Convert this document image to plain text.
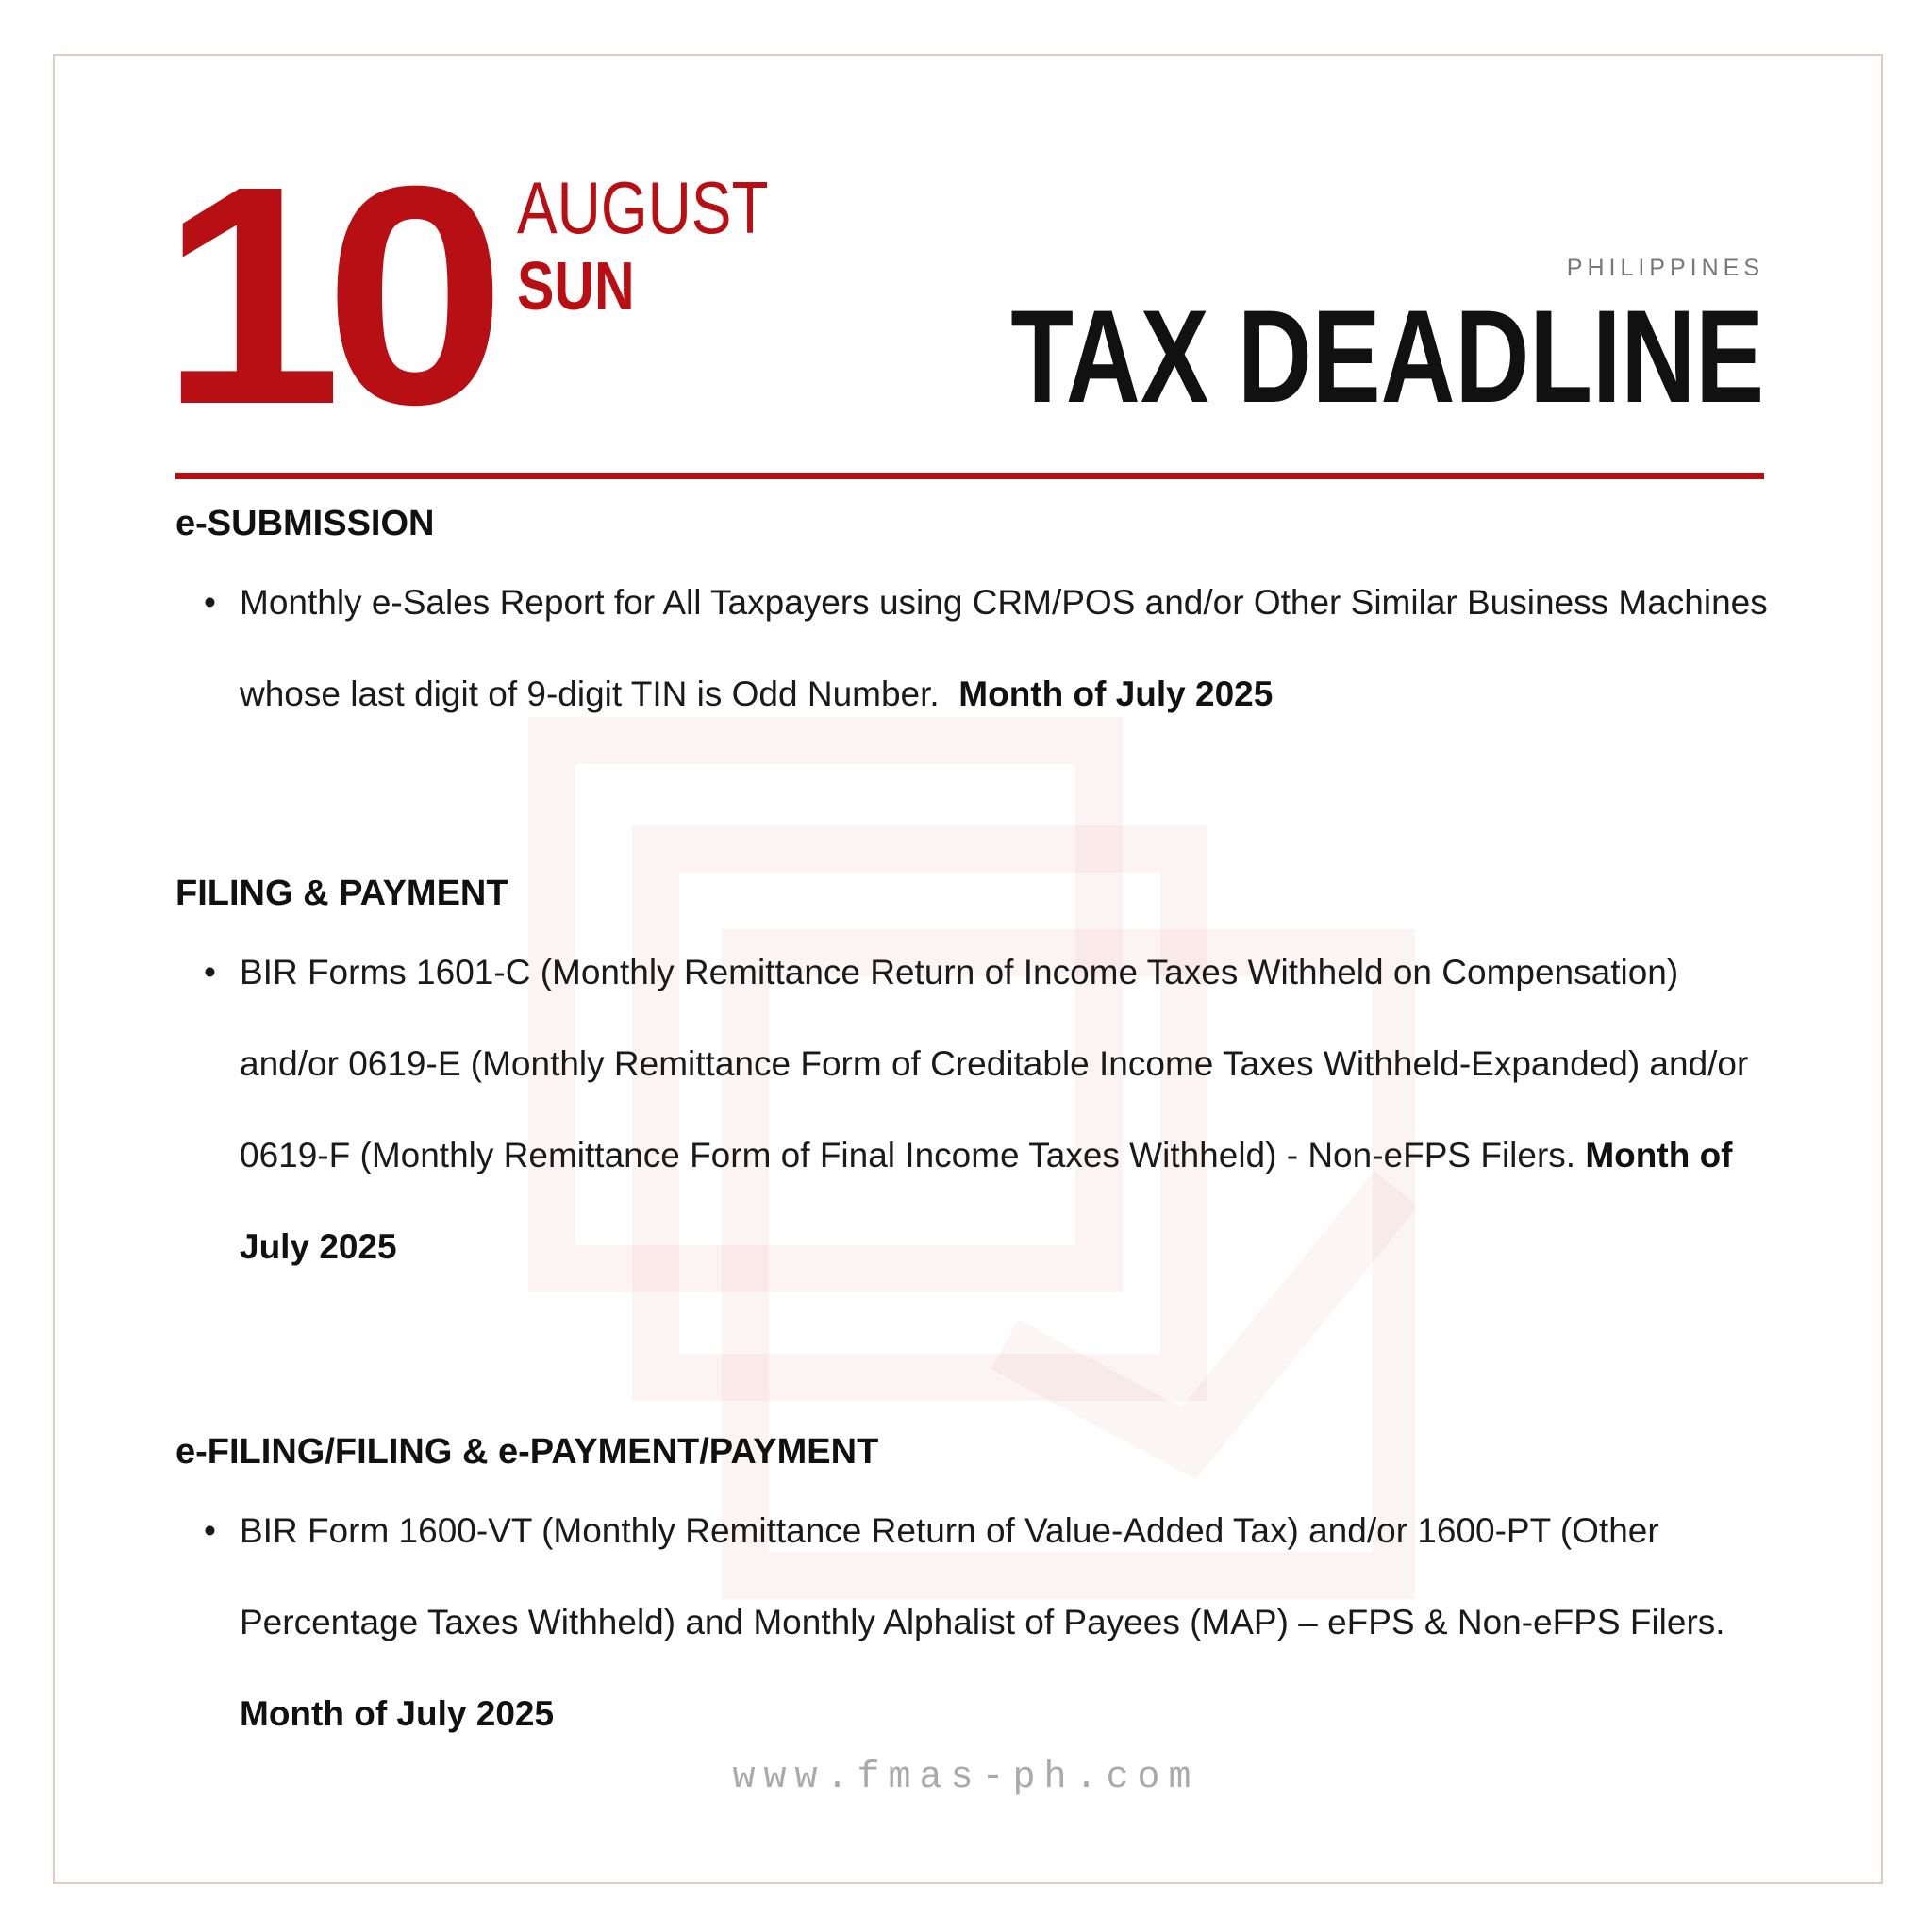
10 AUGUST
SUN	PHILIPPINES
TAX DEADLINE

e-SUBMISSION

• Monthly e-Sales Report for All Taxpayers using CRM/POS and/or Other Similar Business Machines whose last digit of 9-digit TIN is Odd Number. Month of July 2025

FILING & PAYMENT

• BIR Forms 1601-C (Monthly Remittance Return of Income Taxes Withheld on Compensation) and/or 0619-E (Monthly Remittance Form of Creditable Income Taxes Withheld-Expanded) and/or 0619-F (Monthly Remittance Form of Final Income Taxes Withheld) - Non-eFPS Filers. Month of July 2025

e-FILING/FILING & e-PAYMENT/PAYMENT

• BIR Form 1600-VT (Monthly Remittance Return of Value-Added Tax) and/or 1600-PT (Other Percentage Taxes Withheld) and Monthly Alphalist of Payees (MAP) – eFPS & Non-eFPS Filers.  Month of July 2025

www.fmas-ph.com
